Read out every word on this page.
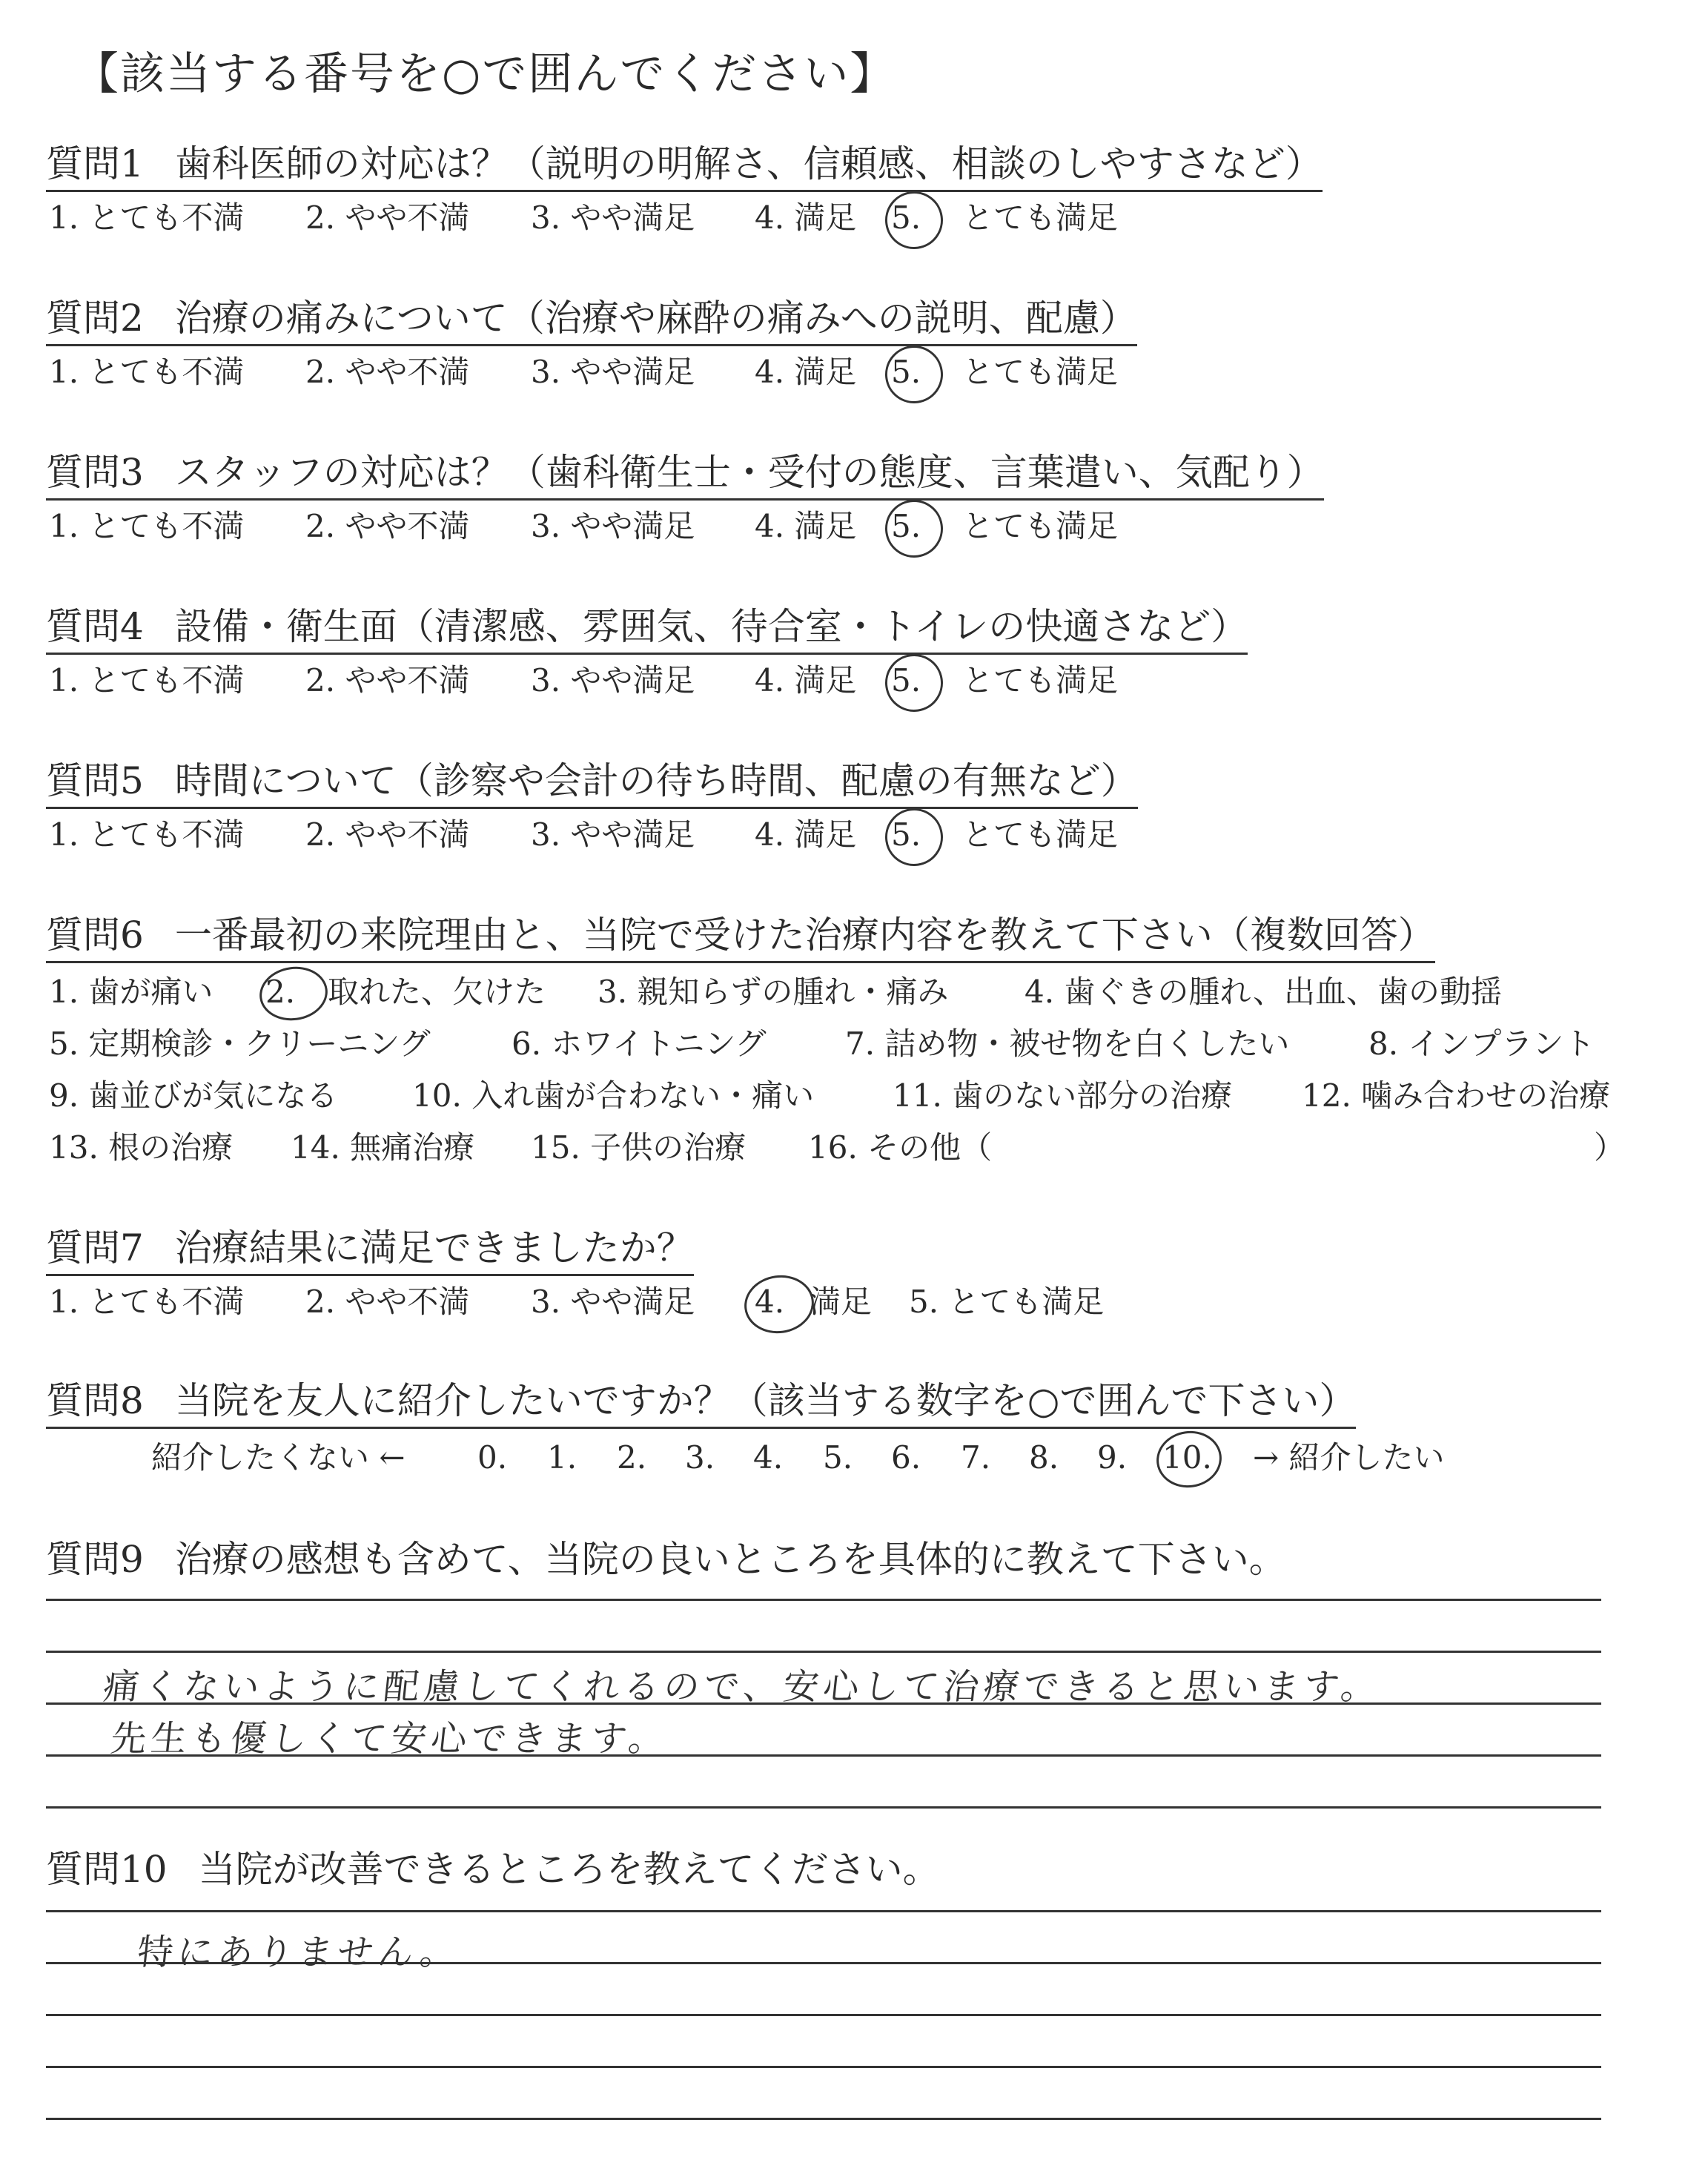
【該当する番号を○で囲んでください】
質問1 歯科医師の対応は？（説明の明解さ、信頼感、相談のしやすさなど）
1. とても不満 2. やや不満 3. やや満足 4. 満足 5. とても満足
質問2 治療の痛みについて（治療や麻酔の痛みへの説明、配慮）
1. とても不満 2. やや不満 3. やや満足 4. 満足 5. とても満足
質問3 スタッフの対応は？（歯科衛生士・受付の態度、言葉遣い、気配り）
1. とても不満 2. やや不満 3. やや満足 4. 満足 5. とても満足
質問4 設備・衛生面（清潔感、雰囲気、待合室・トイレの快適さなど）
1. とても不満 2. やや不満 3. やや満足 4. 満足 5. とても満足
質問5 時間について（診察や会計の待ち時間、配慮の有無など）
1. とても不満 2. やや不満 3. やや満足 4. 満足 5. とても満足
質問6 一番最初の来院理由と、当院で受けた治療内容を教えて下さい（複数回答）
1. 歯が痛い 2. 取れた、欠けた 3. 親知らずの腫れ・痛み 4. 歯ぐきの腫れ、出血、歯の動揺
5. 定期検診・クリーニング	6. ホワイトニング	7. 詰め物・被せ物を白くしたい	8. インプラント
9. 歯並びが気になる 10. 入れ歯が合わない・痛い	11. 歯のない部分の治療 12. 噛み合わせの治療
13. 根の治療 14. 無痛治療 15. 子供の治療 16. その他（	）
質問7 治療結果に満足できましたか？
1. とても不満 2. やや不満 3. やや満足 4. 満足 5. とても満足
質問8 当院を友人に紹介したいですか？（該当する数字を○で囲んで下さい）
紹介したくない ← 0. 1. 2. 3. 4. 5. 6. 7. 8. 9. 10. → 紹介したい
質問9 治療の感想も含めて、当院の良いところを具体的に教えて下さい。
痛くないように配慮してくれるので、安心して治療できると思います。
先生も優しくて安心できます。
質問10 当院が改善できるところを教えてください。
特にありません。
